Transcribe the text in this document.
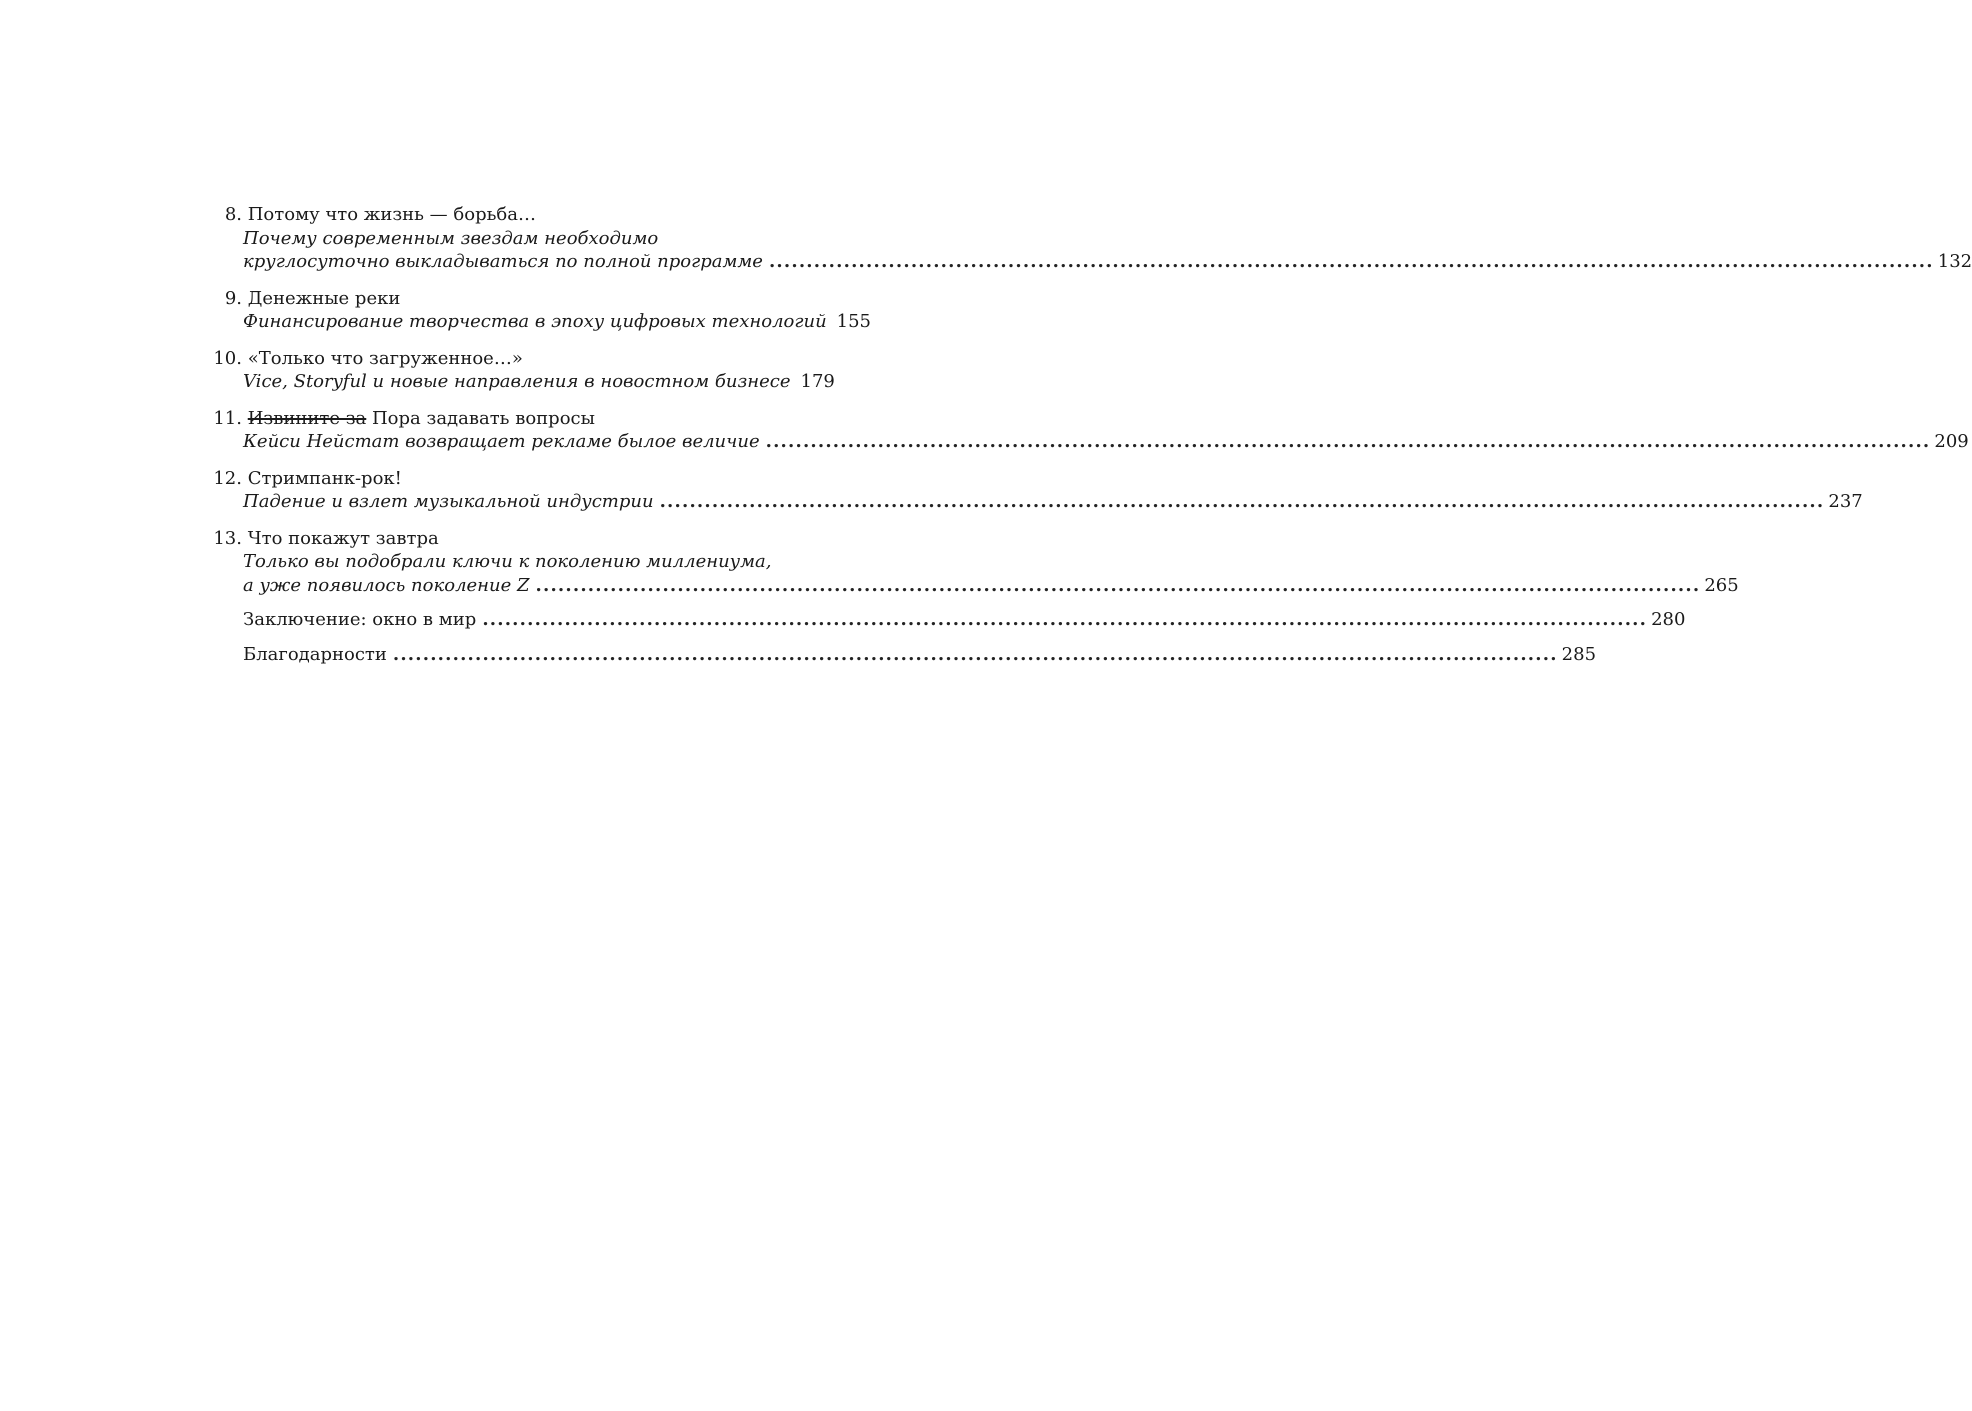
8. Потому что жизнь — борьба…
Почему современным звездам необходимо
круглосуточно выкладываться по полной программе ............................................................................................................................................................ 132
9. Денежные реки
Финансирование творчества в эпоху цифровых технологий 155
10. «Только что загруженное…»
Vice, Storyful и новые направления в новостном бизнесе 179
11. Извините за Пора задавать вопросы
Кейси Нейстат возвращает рекламе былое величие ............................................................................................................................................................ 209
12. Стримпанк-рок!
Падение и взлет музыкальной индустрии ............................................................................................................................................................ 237
13. Что покажут завтра
Только вы подобрали ключи к поколению миллениума,
а уже появилось поколение Z ............................................................................................................................................................ 265
Заключение: окно в мир ............................................................................................................................................................ 280
Благодарности ............................................................................................................................................................ 285
